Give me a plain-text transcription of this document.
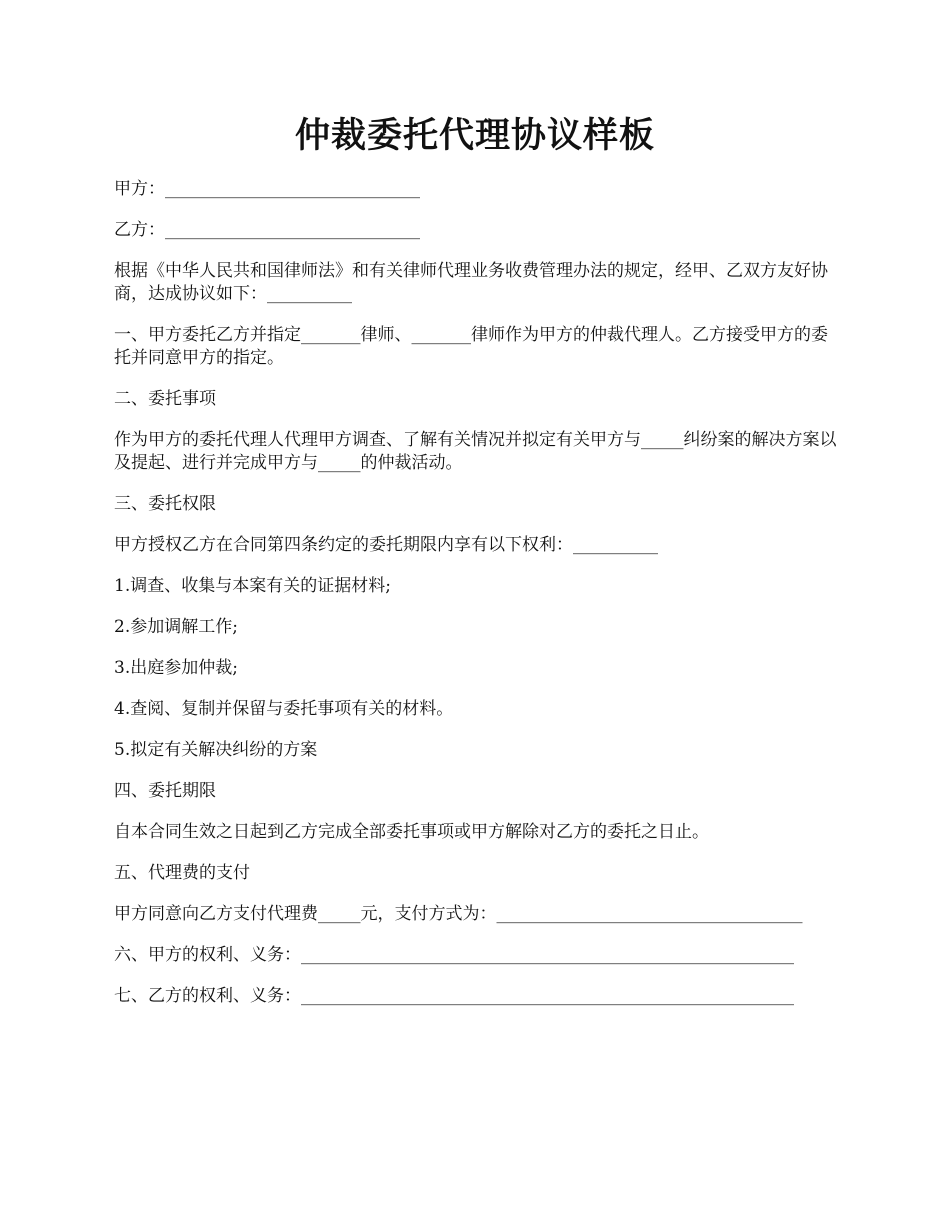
仲裁委托代理协议样板

甲方：______________________________

乙方：______________________________

根据《中华人民共和国律师法》和有关律师代理业务收费管理办法的规定，经甲、乙双方友好协商，达成协议如下：__________

一、甲方委托乙方并指定_______律师、_______律师作为甲方的仲裁代理人。乙方接受甲方的委托并同意甲方的指定。

二、委托事项

作为甲方的委托代理人代理甲方调查、了解有关情况并拟定有关甲方与_____纠纷案的解决方案以及提起、进行并完成甲方与_____的仲裁活动。

三、委托权限

甲方授权乙方在合同第四条约定的委托期限内享有以下权利：__________

1.调查、收集与本案有关的证据材料;

2.参加调解工作;

3.出庭参加仲裁;

4.查阅、复制并保留与委托事项有关的材料。

5.拟定有关解决纠纷的方案

四、委托期限

自本合同生效之日起到乙方完成全部委托事项或甲方解除对乙方的委托之日止。

五、代理费的支付

甲方同意向乙方支付代理费_____元，支付方式为：____________________________________

六、甲方的权利、义务：__________________________________________________________

七、乙方的权利、义务：__________________________________________________________
